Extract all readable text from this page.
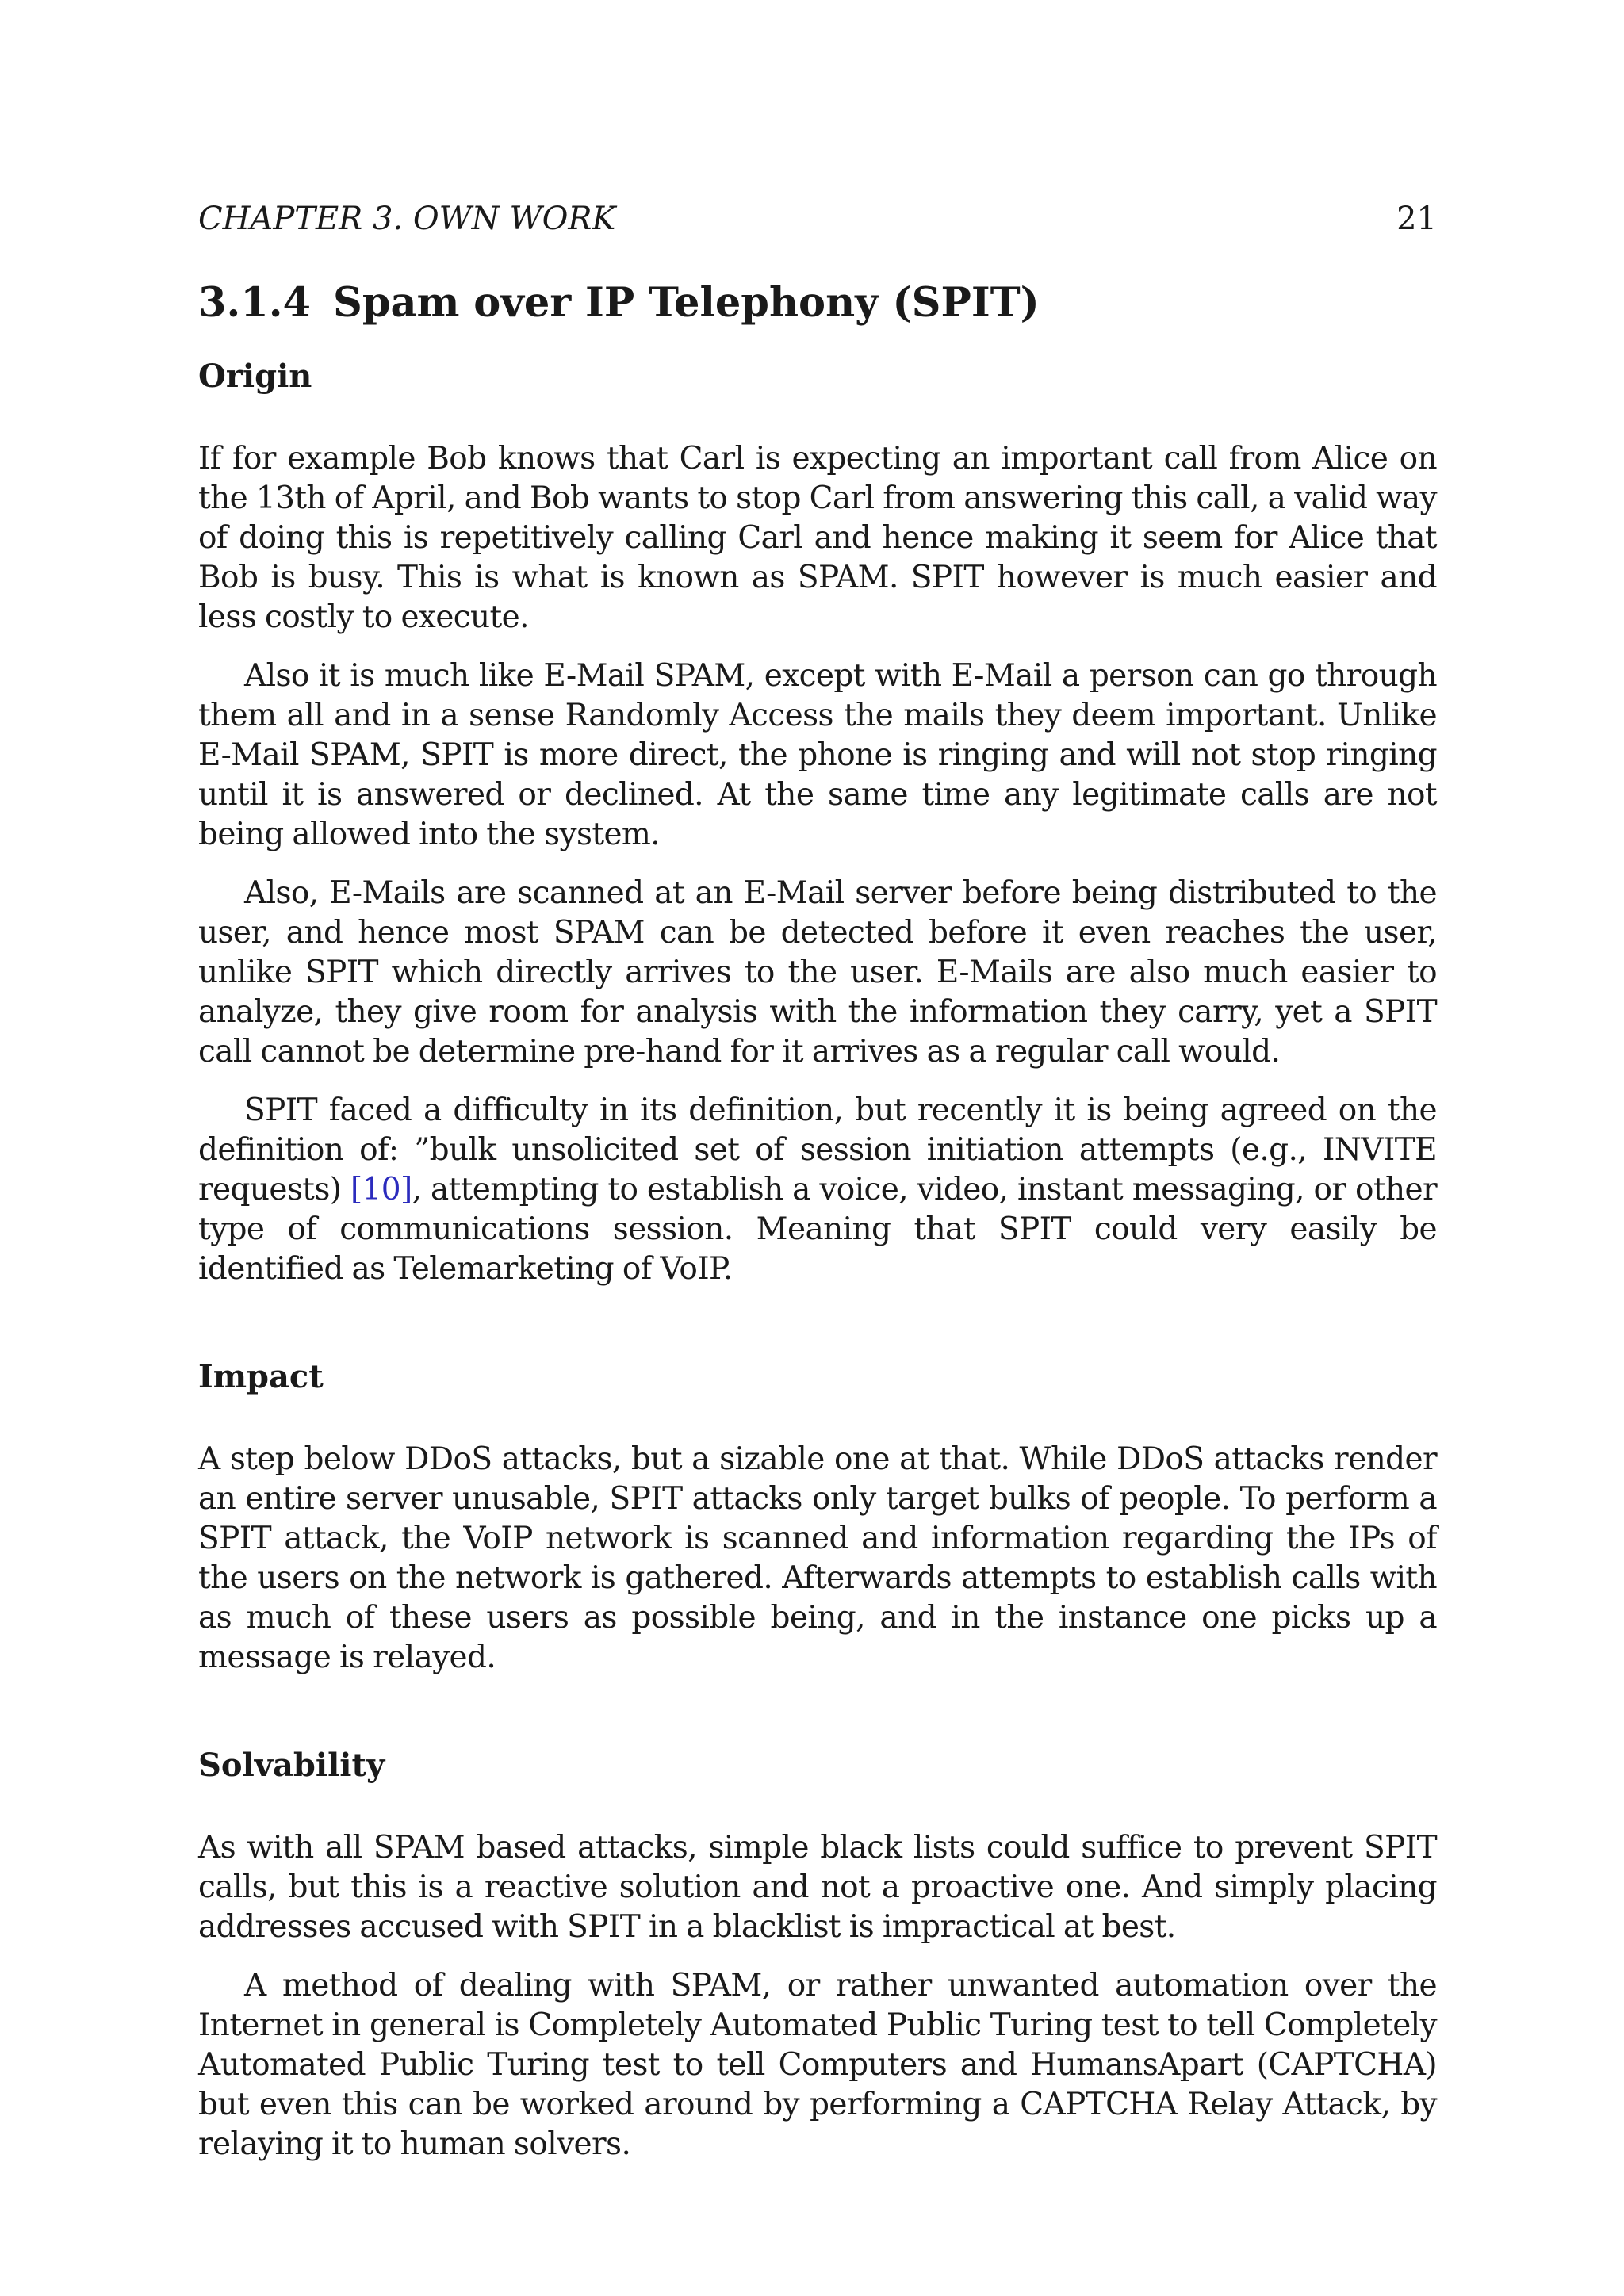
CHAPTER 3. OWN WORK	21
3.1.4 Spam over IP Telephony (SPIT)
Origin

If for example Bob knows that Carl is expecting an important call from Alice on the 13th of April, and Bob wants to stop Carl from answering this call, a valid way of doing this is repetitively calling Carl and hence making it seem for Alice that Bob is busy. This is what is known as SPAM. SPIT however is much easier and less costly to execute.

Also it is much like E-Mail SPAM, except with E-Mail a person can go through them all and in a sense Randomly Access the mails they deem important. Unlike E-Mail SPAM, SPIT is more direct, the phone is ringing and will not stop ringing until it is answered or declined. At the same time any legitimate calls are not being allowed into the system.

Also, E-Mails are scanned at an E-Mail server before being distributed to the user, and hence most SPAM can be detected before it even reaches the user, unlike SPIT which directly arrives to the user. E-Mails are also much easier to analyze, they give room for analysis with the information they carry, yet a SPIT call cannot be determine pre-hand for it arrives as a regular call would.

SPIT faced a difficulty in its definition, but recently it is being agreed on the definition of: ”bulk unsolicited set of session initiation attempts (e.g., INVITE requests) [10], attempting to establish a voice, video, instant messaging, or other type of communications session. Meaning that SPIT could very easily be identified as Telemarketing of VoIP.

Impact

A step below DDoS attacks, but a sizable one at that. While DDoS attacks render an entire server unusable, SPIT attacks only target bulks of people. To perform a SPIT attack, the VoIP network is scanned and information regarding the IPs of the users on the network is gathered. Afterwards attempts to establish calls with as much of these users as possible being, and in the instance one picks up a message is relayed.

Solvability

As with all SPAM based attacks, simple black lists could suffice to prevent SPIT calls, but this is a reactive solution and not a proactive one. And simply placing addresses accused with SPIT in a blacklist is impractical at best.

A method of dealing with SPAM, or rather unwanted automation over the Internet in general is Completely Automated Public Turing test to tell Completely Automated Public Turing test to tell Computers and HumansApart (CAPTCHA) but even this can be worked around by performing a CAPTCHA Relay Attack, by relaying it to human solvers.
